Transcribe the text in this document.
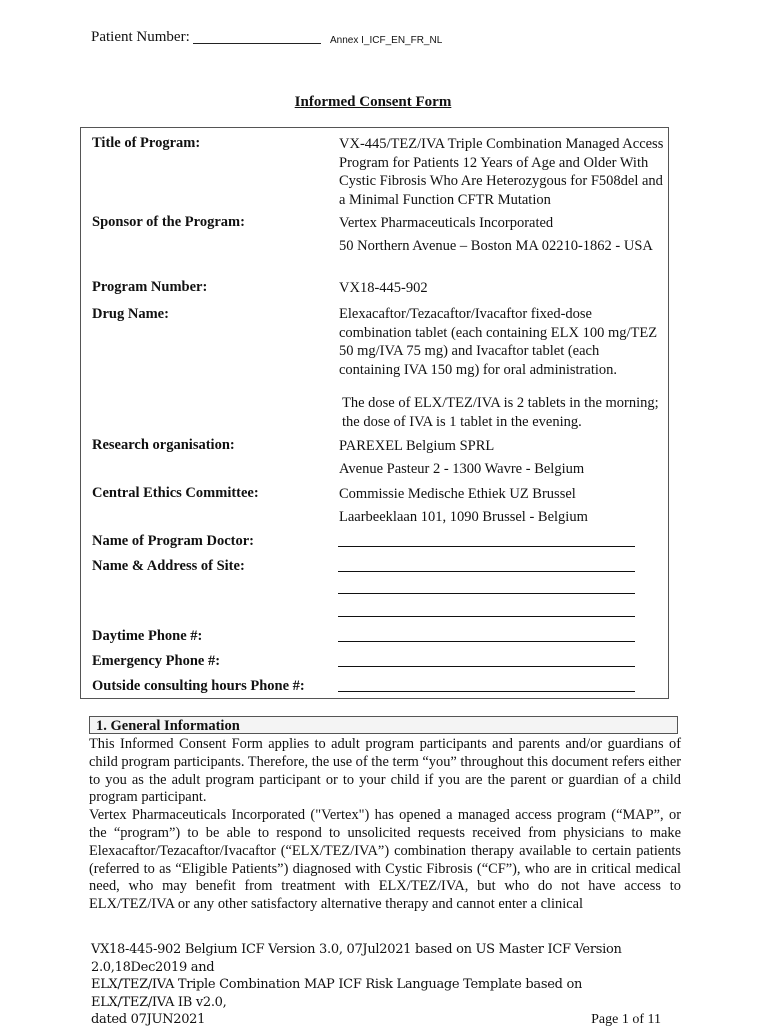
Patient Number:	Annex I_ICF_EN_FR_NL
Informed Consent Form
Title of Program:	VX-445/TEZ/IVA Triple Combination Managed Access Program for Patients 12 Years of Age and Older With Cystic Fibrosis Who Are Heterozygous for F508del and a Minimal Function CFTR Mutation
Sponsor of the Program:	Vertex Pharmaceuticals Incorporated
50 Northern Avenue – Boston MA 02210-1862 - USA
Program Number:	VX18-445-902
Drug Name:	Elexacaftor/Tezacaftor/Ivacaftor fixed-dose combination tablet (each containing ELX 100 mg/TEZ 50 mg/IVA 75 mg) and Ivacaftor tablet (each containing IVA 150 mg) for oral administration.
The dose of ELX/TEZ/IVA is 2 tablets in the morning; the dose of IVA is 1 tablet in the evening.
Research organisation:	PAREXEL Belgium SPRL
Avenue Pasteur 2 - 1300 Wavre - Belgium
Central Ethics Committee:	Commissie Medische Ethiek UZ Brussel
Laarbeeklaan 101, 1090 Brussel - Belgium
Name of Program Doctor:
Name & Address of Site:
Daytime Phone #:
Emergency Phone #:
Outside consulting hours Phone #:
1. General Information

This Informed Consent Form applies to adult program participants and parents and/or guardians of child program participants. Therefore, the use of the term “you” throughout this document refers either to you as the adult program participant or to your child if you are the parent or guardian of a child program participant.

Vertex Pharmaceuticals Incorporated ("Vertex") has opened a managed access program (“MAP”, or the “program”) to be able to respond to unsolicited requests received from physicians to make Elexacaftor/Tezacaftor/Ivacaftor (“ELX/TEZ/IVA”) combination therapy available to certain patients (referred to as “Eligible Patients”) diagnosed with Cystic Fibrosis (“CF”), who are in critical medical need, who may benefit from treatment with ELX/TEZ/IVA, but who do not have access to ELX/TEZ/IVA or any other satisfactory alternative therapy and cannot enter a clinical

VX18-445-902 Belgium ICF Version 3.0, 07Jul2021 based on US Master ICF Version 2.0,18Dec2019 and
ELX/TEZ/IVA Triple Combination MAP ICF Risk Language Template based on ELX/TEZ/IVA IB v2.0,
Page 1 of 11
dated 07JUN2021
